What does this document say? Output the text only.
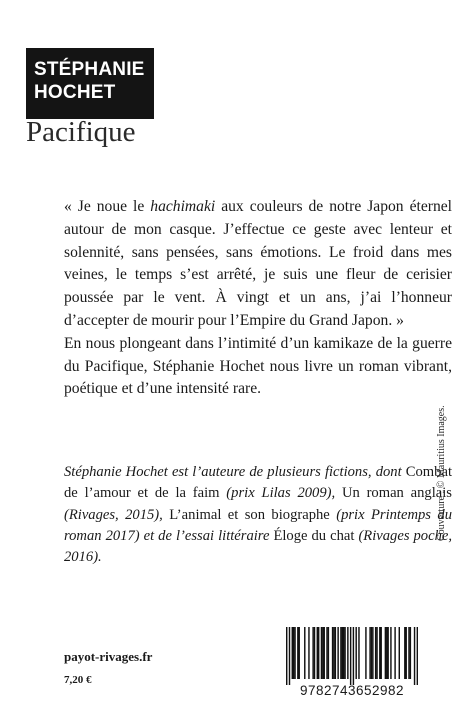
STÉPHANIE
HOCHET
Pacifique

« Je noue le hachimaki aux couleurs de notre Japon éternel autour de mon casque. J’effectue ce geste avec lenteur et solennité, sans pensées, sans émotions. Le froid dans mes veines, le temps s’est arrêté, je suis une fleur de cerisier poussée par le vent. À vingt et un ans, j’ai l’honneur d’accepter de mourir pour l’Empire du Grand Japon. »

En nous plongeant dans l’intimité d’un kamikaze de la guerre du Pacifique, Stéphanie Hochet nous livre un roman vibrant, poétique et d’une intensité rare.

Stéphanie Hochet est l’auteure de plusieurs fictions, dont Combat de l’amour et de la faim (prix Lilas 2009), Un roman anglais (Rivages, 2015), L’animal et son biographe (prix Printemps du roman 2017) et de l’essai littéraire Éloge du chat (Rivages poche, 2016).

payot-rivages.fr
7,20 €
Couverture : © Mauritius Images.
9782743652982
